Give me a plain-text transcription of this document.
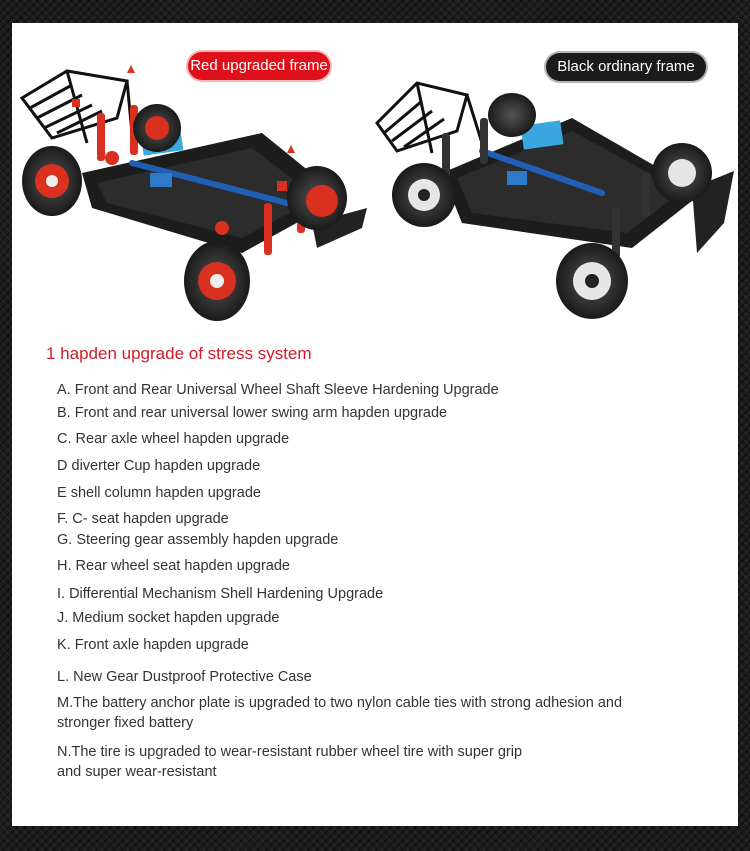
Red upgraded frame	Black ordinary frame
1 hapden upgrade of stress system
A. Front and Rear Universal Wheel Shaft Sleeve Hardening Upgrade
B. Front and rear universal lower swing arm hapden upgrade
C. Rear axle wheel hapden upgrade
D diverter Cup hapden upgrade
E shell column hapden upgrade
F. C- seat hapden upgrade
G. Steering gear assembly hapden upgrade
H. Rear wheel seat hapden upgrade
I. Differential Mechanism Shell Hardening Upgrade
J. Medium socket hapden upgrade
K. Front axle hapden upgrade
L. New Gear Dustproof Protective Case
M.The battery anchor plate is upgraded to two nylon cable ties with strong adhesion and stronger fixed battery
N.The tire is upgraded to wear-resistant rubber wheel tire with super grip and super wear-resistant
